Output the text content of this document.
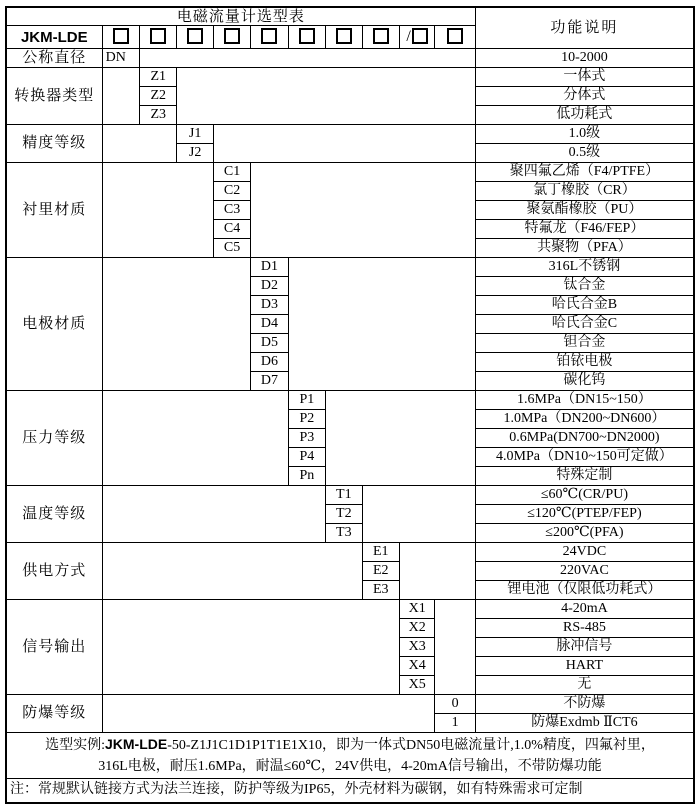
电磁流量计选型表											功能说明
JKM-LDE									/		
公称直径	DN										10-2000
转换器类型		Z1									一体式
		Z2									分体式
		Z3									低功耗式
精度等级			J1								1.0级
			J2								0.5级
衬里材质				C1							聚四氟乙烯（F4/PTFE）
				C2							氯丁橡胶（CR）
				C3							聚氨酯橡胶（PU）
				C4							特氟龙（F46/FEP）
				C5							共聚物（PFA）
电极材质					D1						316L不锈钢
					D2						钛合金
					D3						哈氏合金B
					D4						哈氏合金C
					D5						钽合金
					D6						铂铱电极
					D7						碳化钨
压力等级						P1					1.6MPa（DN15~150）
						P2					1.0MPa（DN200~DN600）
						P3					0.6MPa(DN700~DN2000)
						P4					4.0MPa（DN10~150可定做）
						Pn					特殊定制
温度等级							T1				≤60℃(CR/PU)
							T2				≤120℃(PTEP/FEP)
							T3				≤200℃(PFA)
供电方式								E1			24VDC
								E2			220VAC
								E3			锂电池（仅限低功耗式）
信号输出									X1		4-20mA
									X2		RS-485
									X3		脉冲信号
									X4		HART
									X5		无
防爆等级										0	不防爆
										1	防爆Exdmb ⅡCT6
选型实例:JKM-LDE-50-Z1J1C1D1P1T1E1X10，即为一体式DN50电磁流量计,1.0%精度，四氟衬里，
316L电极，耐压1.6MPa，耐温≤60℃，24V供电，4-20mA信号输出，不带防爆功能											
注：常规默认链接方式为法兰连接，防护等级为IP65，外壳材料为碳钢，如有特殊需求可定制											
